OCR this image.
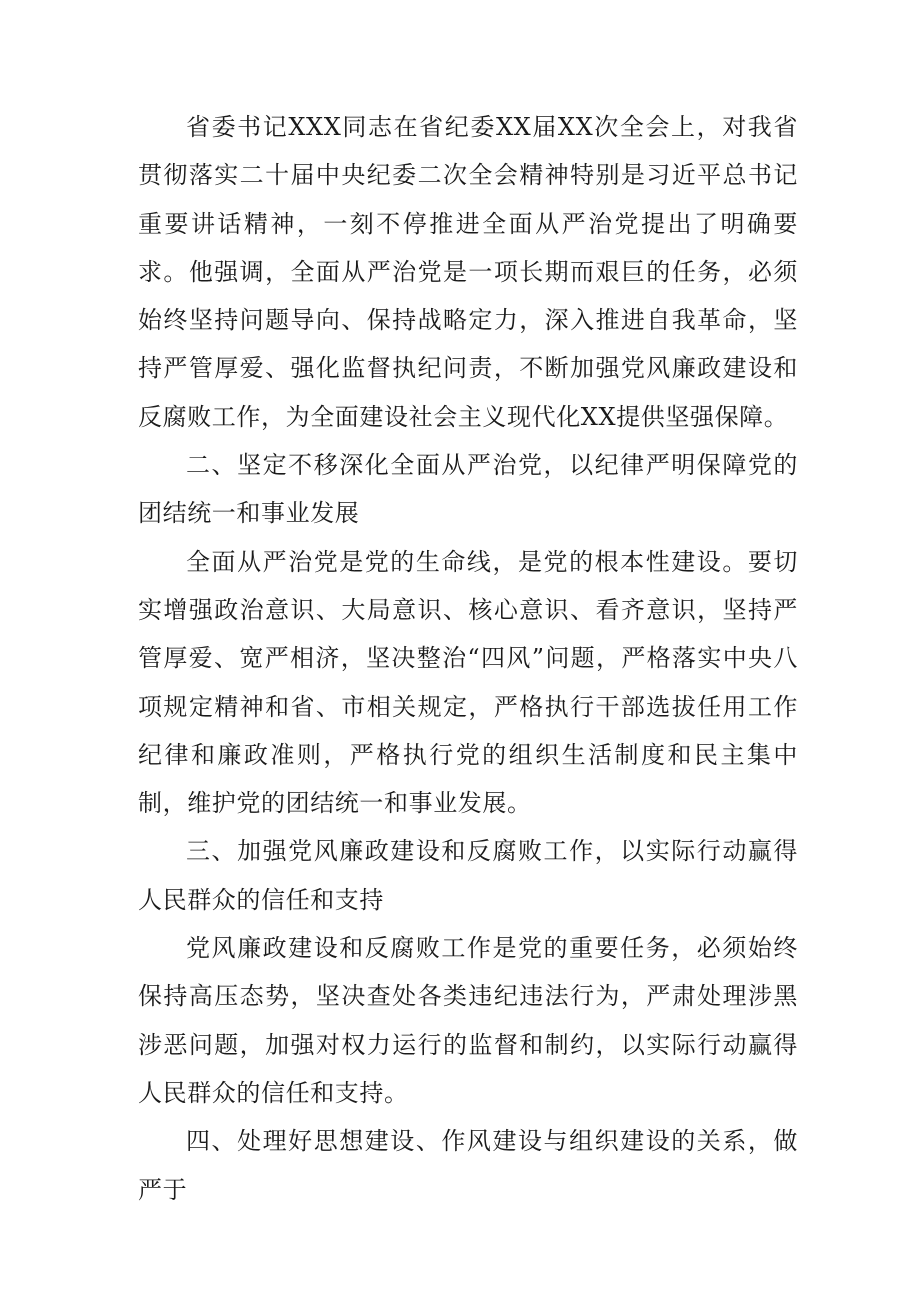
省委书记XXX同志在省纪委XX届XX次全会上，对我省贯彻落实二十届中央纪委二次全会精神特别是习近平总书记重要讲话精神，一刻不停推进全面从严治党提出了明确要求。他强调，全面从严治党是一项长期而艰巨的任务，必须始终坚持问题导向、保持战略定力，深入推进自我革命，坚持严管厚爱、强化监督执纪问责，不断加强党风廉政建设和反腐败工作，为全面建设社会主义现代化XX提供坚强保障。

二、坚定不移深化全面从严治党，以纪律严明保障党的团结统一和事业发展

全面从严治党是党的生命线，是党的根本性建设。要切实增强政治意识、大局意识、核心意识、看齐意识，坚持严管厚爱、宽严相济，坚决整治“四风”问题，严格落实中央八项规定精神和省、市相关规定，严格执行干部选拔任用工作纪律和廉政准则，严格执行党的组织生活制度和民主集中制，维护党的团结统一和事业发展。

三、加强党风廉政建设和反腐败工作，以实际行动赢得人民群众的信任和支持

党风廉政建设和反腐败工作是党的重要任务，必须始终保持高压态势，坚决查处各类违纪违法行为，严肃处理涉黑涉恶问题，加强对权力运行的监督和制约，以实际行动赢得人民群众的信任和支持。

四、处理好思想建设、作风建设与组织建设的关系，做严于
